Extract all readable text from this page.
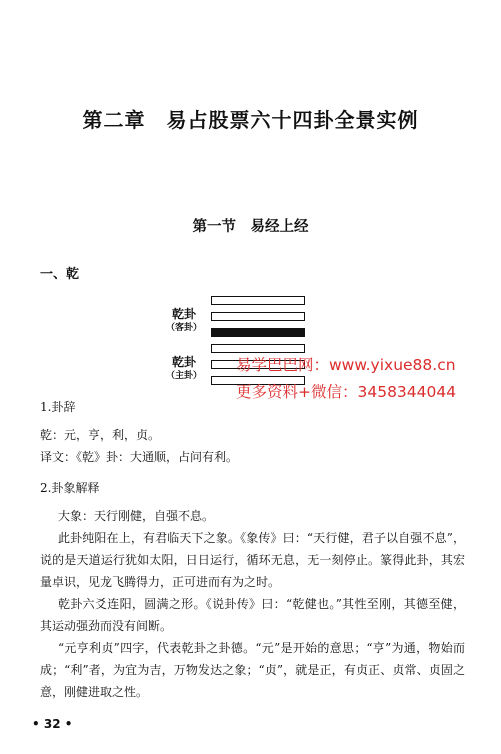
第二章　易占股票六十四卦全景实例
第一节　易经上经
一、乾
乾卦
（客卦）
乾卦
（主卦）
1.卦辞
乾：元，亨，利，贞。
译文：《乾》卦：大通顺，占问有利。
2.卦象解释
大象：天行刚健，自强不息。
此卦纯阳在上，有君临天下之象。《象传》曰：“天行健，君子以自强不息”，说的是天道运行犹如太阳，日日运行，循环无息，无一刻停止。篆得此卦，其宏量卓识，见龙飞腾得力，正可进而有为之时。
乾卦六爻连阳，圆满之形。《说卦传》曰：“乾健也。”其性至刚，其德至健，其运动强劲而没有间断。
“元亨利贞”四字，代表乾卦之卦德。“元”是开始的意思；“亨”为通，物始而成；“利”者，为宜为吉，万物发达之象；“贞”，就是正，有贞正、贞常、贞固之意，刚健进取之性。
• 32 •
易学巴巴网：www.yixue88.cn
更多资料+微信：3458344044
